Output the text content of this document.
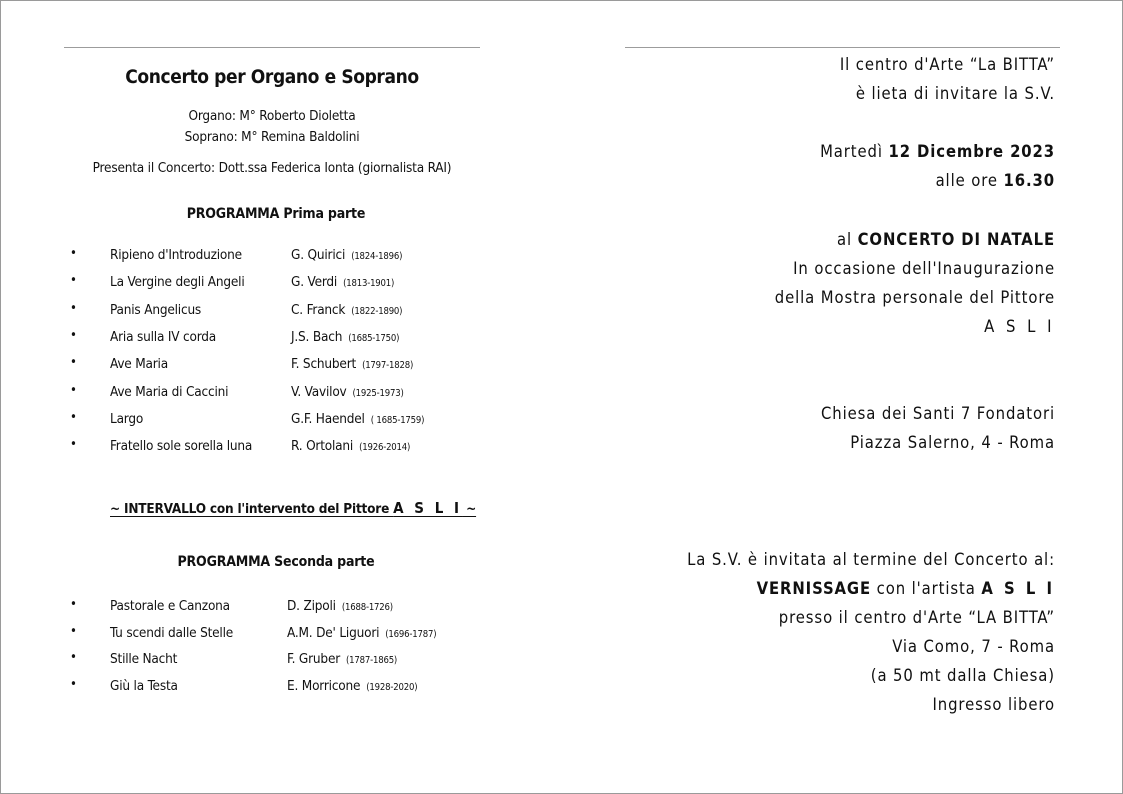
Concerto per Organo e Soprano
Organo: M° Roberto Dioletta
Soprano: M° Remina Baldolini
Presenta il Concerto: Dott.ssa Federica Ionta (giornalista RAI)
PROGRAMMA Prima parte
• Ripieno d'Introduzione	G. Quirici (1824-1896)
• La Vergine degli Angeli	G. Verdi (1813-1901)
• Panis Angelicus	C. Franck (1822-1890)
• Aria sulla IV corda	J.S. Bach (1685-1750)
• Ave Maria	F. Schubert (1797-1828)
• Ave Maria di Caccini	V. Vavilov (1925-1973)
• Largo	G.F. Haendel ( 1685-1759)
• Fratello sole sorella luna	R. Ortolani (1926-2014)
~ INTERVALLO con l'intervento del Pittore A S L I ~
PROGRAMMA Seconda parte
• Pastorale e Canzona	D. Zipoli (1688-1726)
• Tu scendi dalle Stelle	A.M. De' Liguori (1696-1787)
• Stille Nacht	F. Gruber (1787-1865)
• Giù la Testa	E. Morricone (1928-2020)
Il centro d'Arte “La BITTA”
è lieta di invitare la S.V.
Martedì 12 Dicembre 2023
alle ore 16.30
al CONCERTO DI NATALE
In occasione dell'Inaugurazione
della Mostra personale del Pittore
A S L I
Chiesa dei Santi 7 Fondatori
Piazza Salerno, 4 - Roma
La S.V. è invitata al termine del Concerto al:
VERNISSAGE con l'artista A S L I
presso il centro d'Arte “LA BITTA”
Via Como, 7 - Roma
(a 50 mt dalla Chiesa)
Ingresso libero
